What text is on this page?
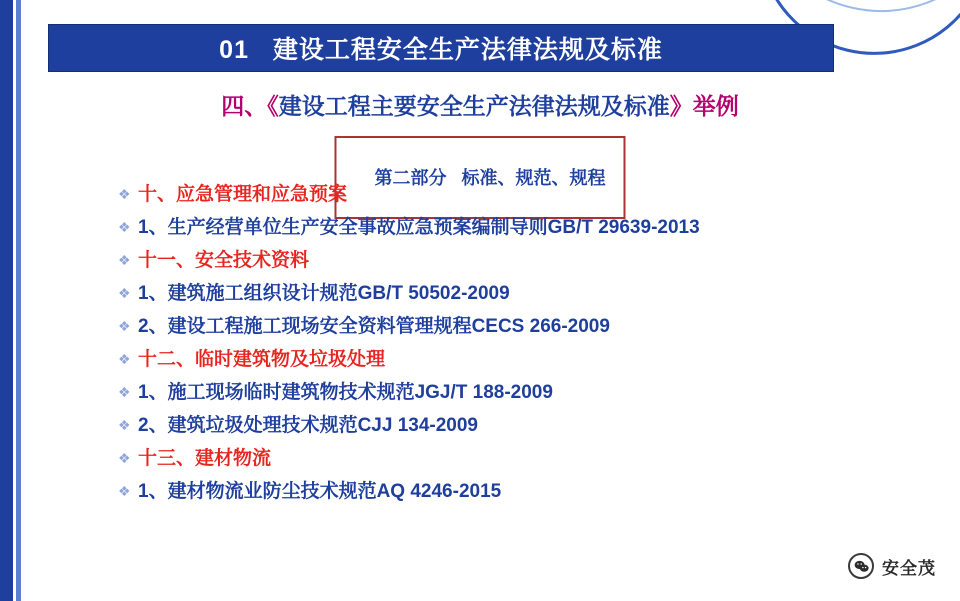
01   建设工程安全生产法律法规及标准
四、《建设工程主要安全生产法律法规及标准》举例

第二部分   标准、规范、规程

❖ 十、应急管理和应急预案
❖ 1、生产经营单位生产安全事故应急预案编制导则GB/T 29639-2013
❖ 十一、安全技术资料
❖ 1、建筑施工组织设计规范GB/T 50502-2009
❖ 2、建设工程施工现场安全资料管理规程CECS 266-2009
❖ 十二、临时建筑物及垃圾处理
❖ 1、施工现场临时建筑物技术规范JGJ/T 188-2009
❖ 2、建筑垃圾处理技术规范CJJ 134-2009
❖ 十三、建材物流
❖ 1、建材物流业防尘技术规范AQ 4246-2015
安全茂
